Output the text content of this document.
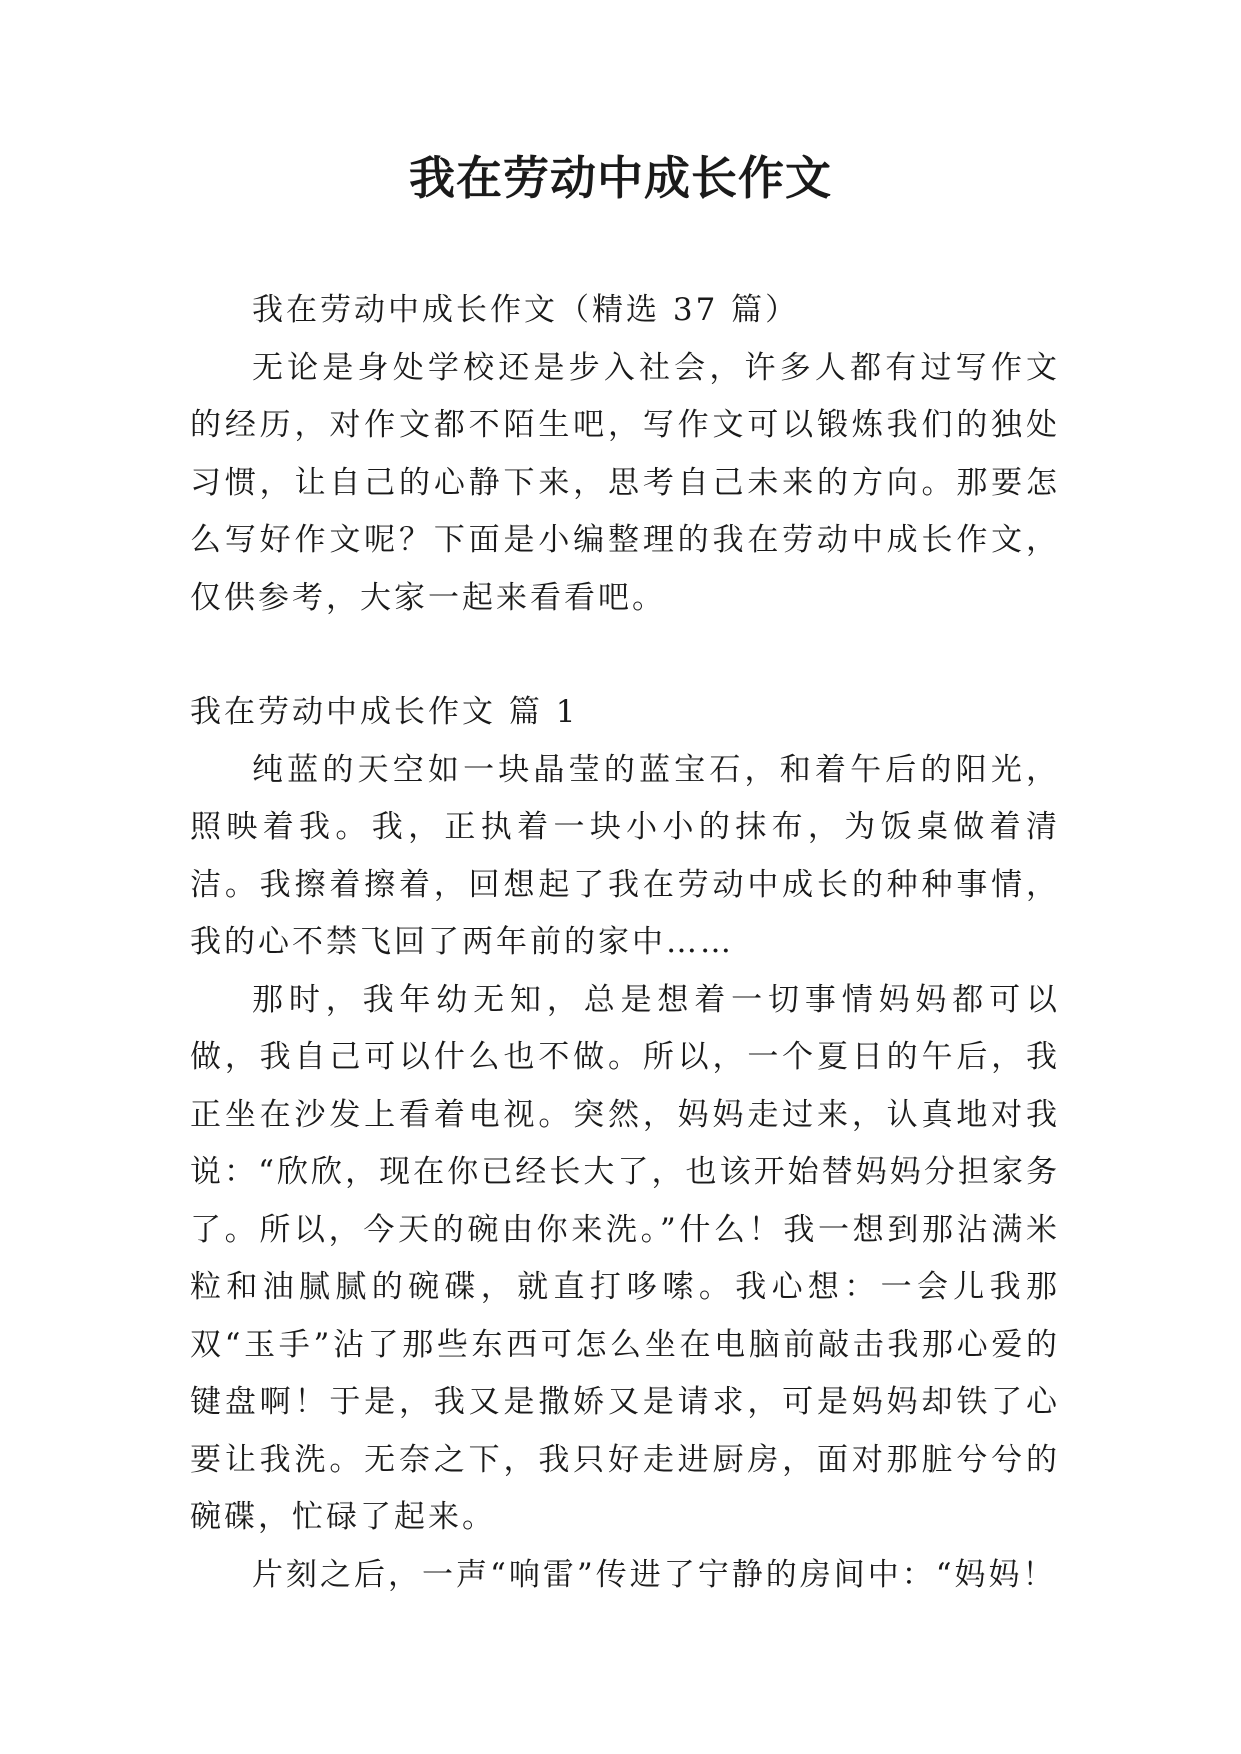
我在劳动中成长作文

我在劳动中成长作文（精选 37 篇）

无论是身处学校还是步入社会，许多人都有过写作文的经历，对作文都不陌生吧，写作文可以锻炼我们的独处习惯，让自己的心静下来，思考自己未来的方向。那要怎么写好作文呢？下面是小编整理的我在劳动中成长作文，仅供参考，大家一起来看看吧。

我在劳动中成长作文 篇 1

纯蓝的天空如一块晶莹的蓝宝石，和着午后的阳光，照映着我。我，正执着一块小小的抹布，为饭桌做着清洁。我擦着擦着，回想起了我在劳动中成长的种种事情，我的心不禁飞回了两年前的家中……

那时，我年幼无知，总是想着一切事情妈妈都可以做，我自己可以什么也不做。所以，一个夏日的午后，我正坐在沙发上看着电视。突然，妈妈走过来，认真地对我说：“欣欣，现在你已经长大了，也该开始替妈妈分担家务了。所以，今天的碗由你来洗。”什么！我一想到那沾满米粒和油腻腻的碗碟，就直打哆嗦。我心想：一会儿我那双“玉手”沾了那些东西可怎么坐在电脑前敲击我那心爱的键盘啊！于是，我又是撒娇又是请求，可是妈妈却铁了心要让我洗。无奈之下，我只好走进厨房，面对那脏兮兮的碗碟，忙碌了起来。

片刻之后，一声“响雷”传进了宁静的房间中：“妈妈！
